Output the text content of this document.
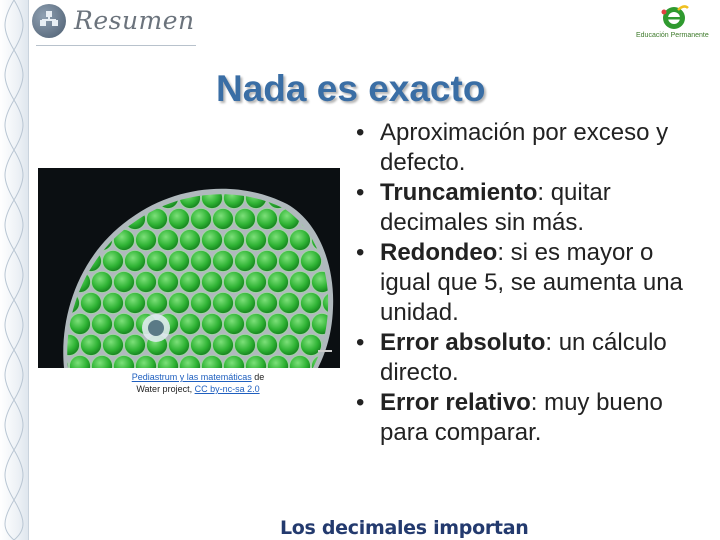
Resumen
Educación Permanente
Nada es exacto
Pediastrum y las matemáticas de
Water project, CC by-nc-sa 2.0
• Aproximación por exceso y defecto.
• Truncamiento: quitar decimales sin más.
• Redondeo: si es mayor o igual que 5, se aumenta una unidad.
• Error absoluto: un cálculo directo.
• Error relativo: muy bueno para comparar.
Los decimales importan
